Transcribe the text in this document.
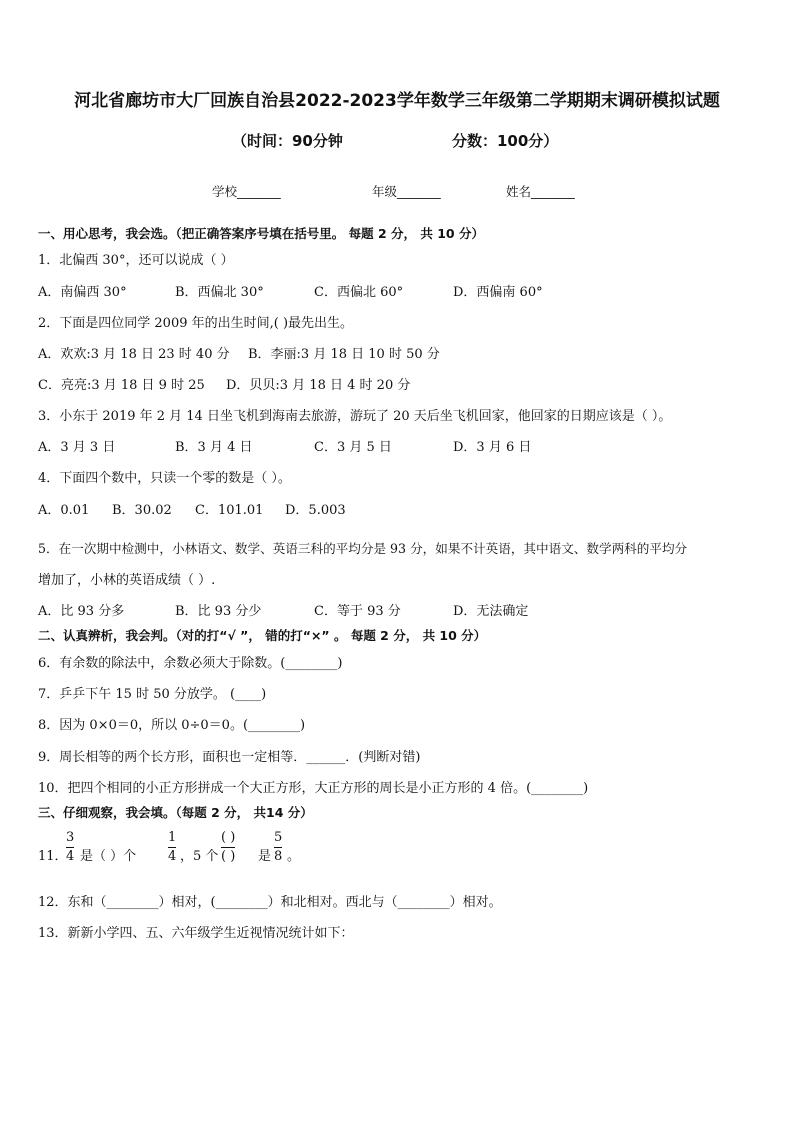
河北省廊坊市大厂回族自治县2022-2023学年数学三年级第二学期期末调研模拟试题
（时间：90分钟	分数：100分）
学校_______	年级_______	姓名_______
一、用心思考，我会选。（把正确答案序号填在括号里。 每题 2 分， 共 10 分）
1．北偏西 30°，还可以说成（ ）
A．南偏西 30°	B．西偏北 30°	C．西偏北 60°	D．西偏南 60°
2．下面是四位同学 2009 年的出生时间,( )最先出生。
A．欢欢:3 月 18 日 23 时 40 分 B．李丽:3 月 18 日 10 时 50 分
C．亮亮:3 月 18 日 9 时 25 D．贝贝:3 月 18 日 4 时 20 分
3．小东于 2019 年 2 月 14 日坐飞机到海南去旅游，游玩了 20 天后坐飞机回家，他回家的日期应该是（ ）。
A．3 月 3 日	B．3 月 4 日	C．3 月 5 日	D．3 月 6 日
4．下面四个数中，只读一个零的数是（ ）。
A．0.01 B．30.02 C．101.01 D．5.003
5．在一次期中检测中，小林语文、数学、英语三科的平均分是 93 分，如果不计英语，其中语文、数学两科的平均分
增加了，小林的英语成绩（ ）.
A．比 93 分多	B．比 93 分少	C．等于 93 分	D．无法确定
二、认真辨析，我会判。（对的打“√ ”， 错的打“×” 。 每题 2 分， 共 10 分）
6．有余数的除法中，余数必须大于除数。(________)
7．乒乒下午 15 时 50 分放学。 (____)
8．因为 0×0＝0，所以 0÷0＝0。(________)
9．周长相等的两个长方形，面积也一定相等．______．(判断对错)
10．把四个相同的小正方形拼成一个大正方形，大正方形的周长是小正方形的 4 倍。(________)
三、仔细观察，我会填。（每题 2 分， 共14 分）
11．
3
4 是（ ）个
1
4 ，5 个
( )
( ) 是
5
8 。
12．东和（________）相对，(________）和北相对。西北与（________）相对。
13．新新小学四、五、六年级学生近视情况统计如下：
